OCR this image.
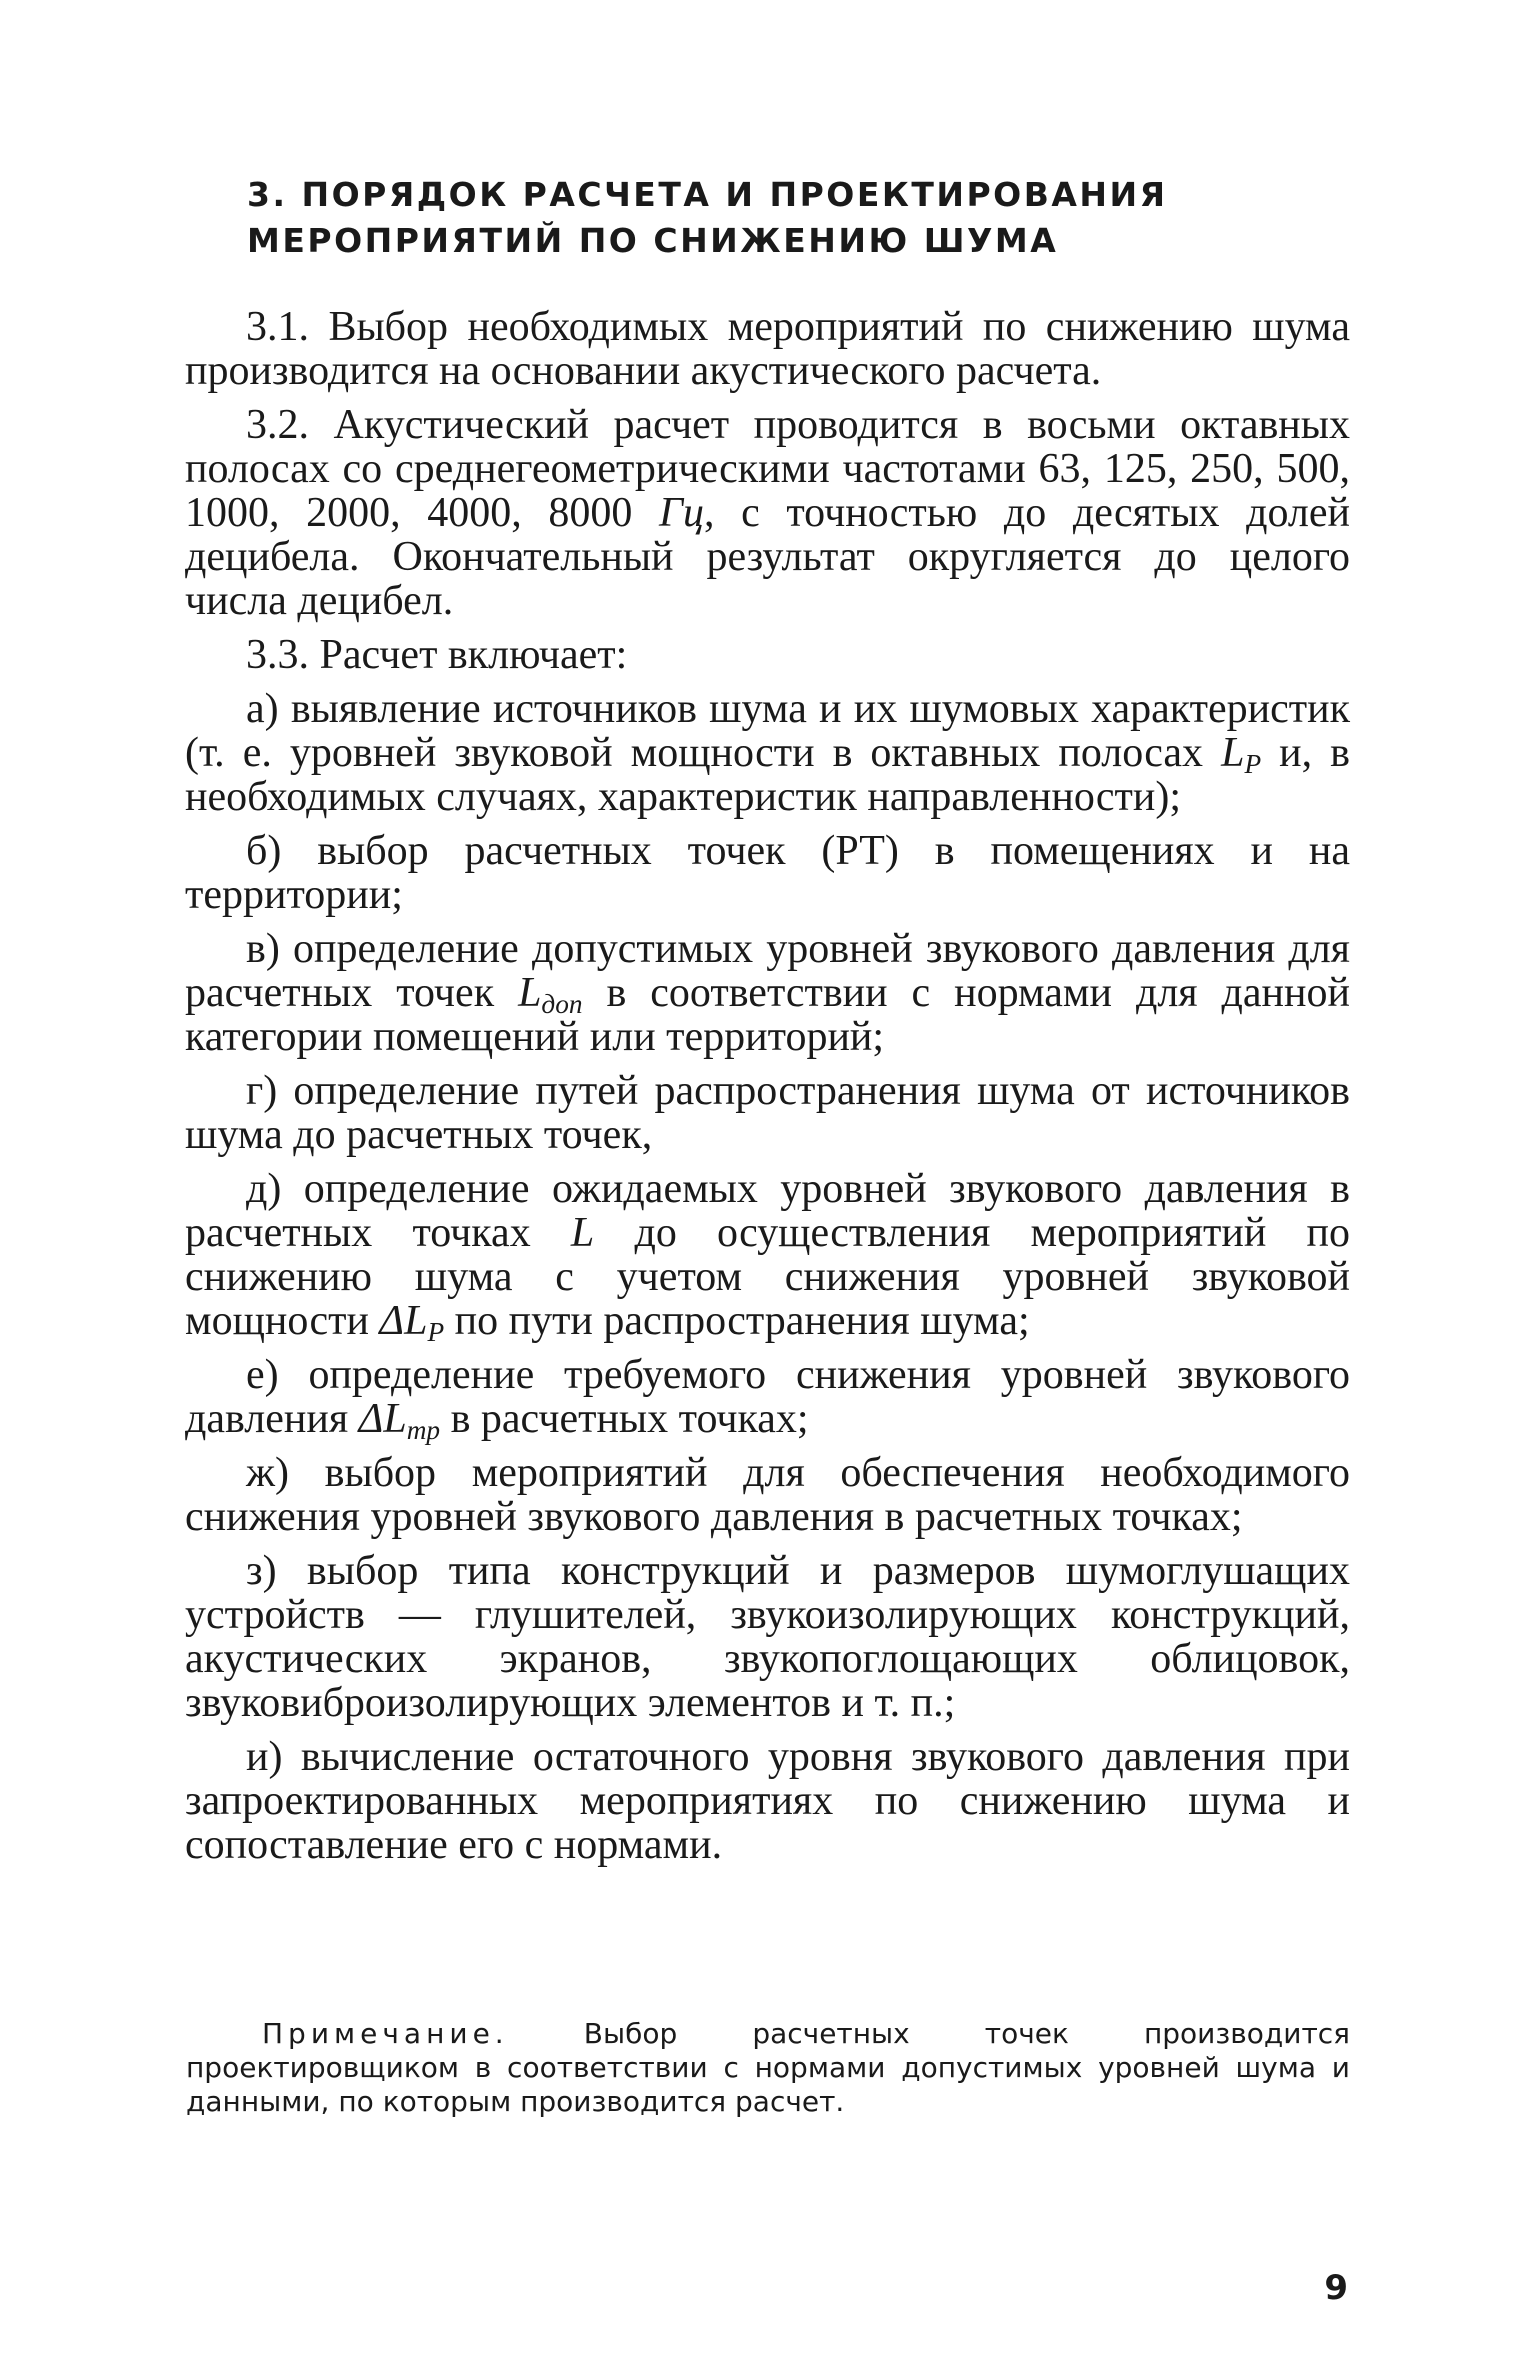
3. ПОРЯДОК РАСЧЕТА И ПРОЕКТИРОВАНИЯ
МЕРОПРИЯТИЙ ПО СНИЖЕНИЮ ШУМА

3.1. Выбор необходимых мероприятий по снижению шума производится на основании акустического расчета.

3.2. Акустический расчет проводится в восьми октавных полосах со среднегеометрическими частотами 63, 125, 250, 500, 1000, 2000, 4000, 8000 Гц, с точностью до десятых долей децибела. Окончательный результат округляется до целого числа децибел.

3.3. Расчет включает:

а) выявление источников шума и их шумовых характеристик (т. е. уровней звуковой мощности в октавных полосах $L_P$ и, в необходимых случаях, характеристик направленности);

б) выбор расчетных точек (РТ) в помещениях и на территории;

в) определение допустимых уровней звукового давления для расчетных точек $L_{доп}$ в соответствии с нормами для данной категории помещений или территорий;

г) определение путей распространения шума от источников шума до расчетных точек,

д) определение ожидаемых уровней звукового давления в расчетных точках L до осуществления мероприятий по снижению шума с учетом снижения уровней звуковой мощности $\Delta L_P$ по пути распространения шума;

е) определение требуемого снижения уровней звукового давления $\Delta L_{тр}$ в расчетных точках;

ж) выбор мероприятий для обеспечения необходимого снижения уровней звукового давления в расчетных точках;

з) выбор типа конструкций и размеров шумоглушащих устройств — глушителей, звукоизолирующих конструкций, акустических экранов, звукопоглощающих облицовок, звуковиброизолирующих элементов и т. п.;

и) вычисление остаточного уровня звукового давления при запроектированных мероприятиях по снижению шума и сопоставление его с нормами.

Примечание. Выбор расчетных точек производится проектировщиком в соответствии с нормами допустимых уровней шума и данными, по которым производится расчет.

9
